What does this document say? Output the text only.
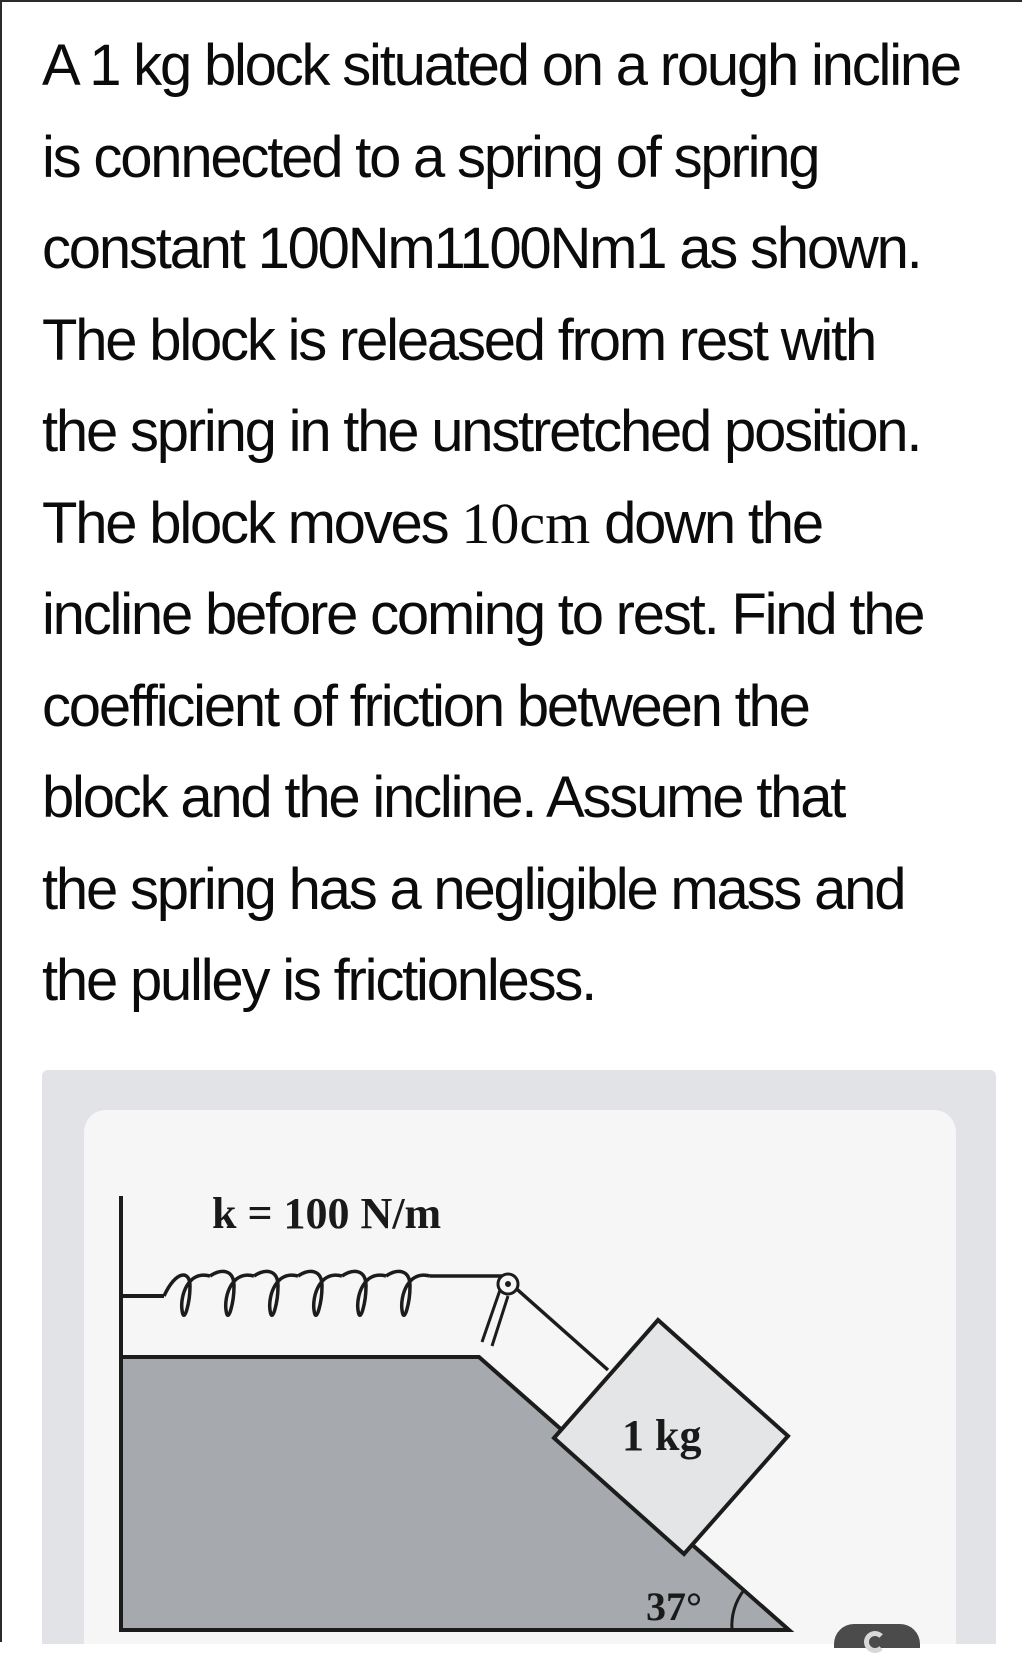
A 1 kg block situated on a rough incline
is connected to a spring of spring
constant 100Nm1100Nm1 as shown.
The block is released from rest with
the spring in the unstretched position.
The block moves 10cm down the
incline before coming to rest. Find the
coefficient of friction between the
block and the incline. Assume that
the spring has a negligible mass and
the pulley is frictionless.

k = 100 N/m
1 kg
37°
